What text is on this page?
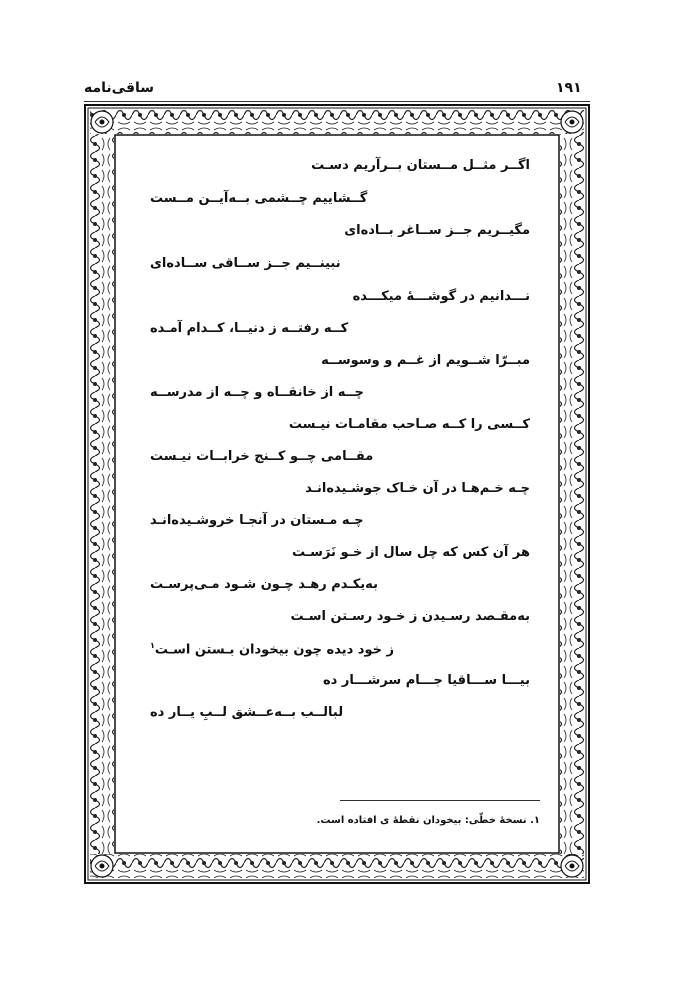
ساقی‌نامه	۱۹۱
اگــر مثــل مــستان بــرآریم دسـت
گــشاییم چــشمی بــه‌آیــن مــست
مگیــریم جــز ســاغر بــاده‌ای
نبینــیم جــز ســاقی ســاده‌ای
نـــدانیم در گوشـــهٔ میکـــده
کــه رفتــه ز دنیــا، کــدام آمـده
مبــرّا شــویم از غــم و وسوســه
چــه از خانقــاه و چــه از مدرســه
کــسی را کــه صـاحب مقامـات نیـست
مقــامی چــو کــنج خرابــات نیـست
چـه خـم‌هـا در آن خـاک جوشـیده‌انـد
چـه مـستان در آنجـا خروشـیده‌انـد
هر آن کس که چل سال از خـو نَرَسـت
به‌یکـدم رهـد چـون شـود مـی‌پرسـت
به‌مقـصد رسـیدن ز خـود رسـتن اسـت
ز خود دیده چون بیخودان بـستن اسـت$^۱$
بیـــا ســـاقیا جـــام سرشـــار ده
لبالــب بــه‌عــشق لــبِ یــار ده
۱. نسخهٔ خطّی: بیخودان نقطهٔ ی افتاده است.
